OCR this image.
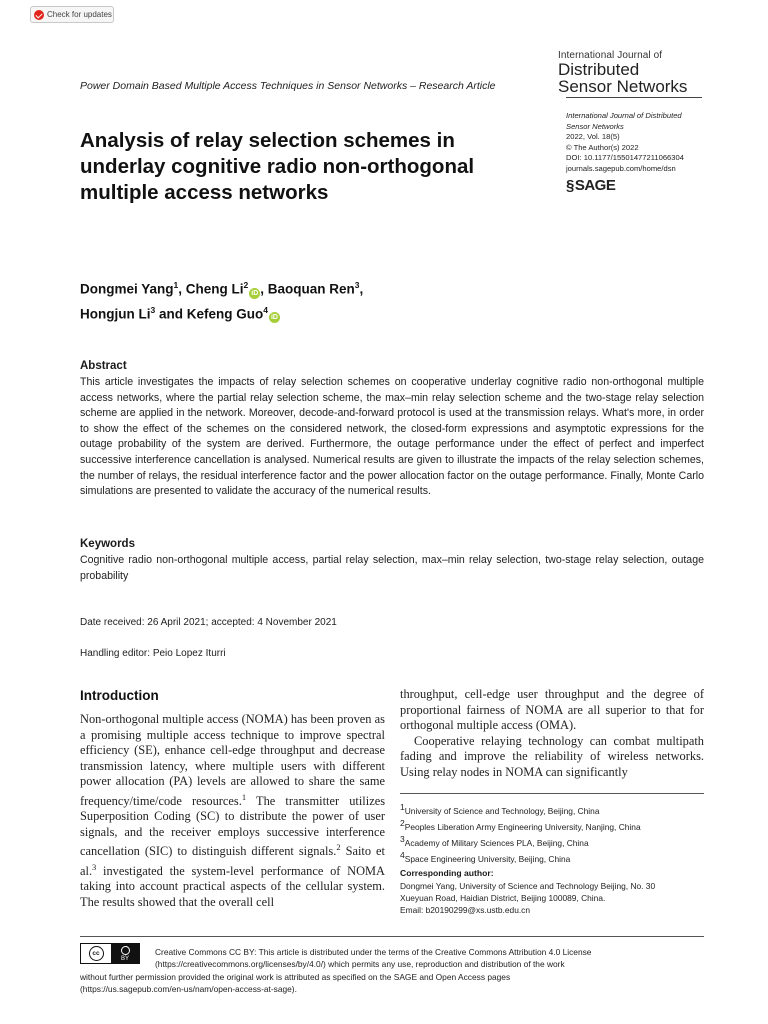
Check for updates
International Journal of
Distributed
Sensor Networks
Power Domain Based Multiple Access Techniques in Sensor Networks – Research Article
International Journal of Distributed Sensor Networks
2022, Vol. 18(5)
© The Author(s) 2022
DOI: 10.1177/15501477211066304
journals.sagepub.com/home/dsn
§ SAGE
Analysis of relay selection schemes in underlay cognitive radio non-orthogonal multiple access networks
Dongmei Yang$^1$, Cheng Li$^2$iD , Baoquan Ren$^3$,
Hongjun Li$^3$ and Kefeng Guo$^4$iD
Abstract
This article investigates the impacts of relay selection schemes on cooperative underlay cognitive radio non-orthogonal multiple access networks, where the partial relay selection scheme, the max–min relay selection scheme and the two-stage relay selection scheme are applied in the network. Moreover, decode-and-forward protocol is used at the transmission relays. What's more, in order to show the effect of the schemes on the considered network, the closed-form expressions and asymptotic expressions for the outage probability of the system are derived. Furthermore, the outage performance under the effect of perfect and imperfect successive interference cancellation is analysed. Numerical results are given to illustrate the impacts of the relay selection schemes, the number of relays, the residual interference factor and the power allocation factor on the outage performance. Finally, Monte Carlo simulations are presented to validate the accuracy of the numerical results.
Keywords
Cognitive radio non-orthogonal multiple access, partial relay selection, max–min relay selection, two-stage relay selection, outage probability
Date received: 26 April 2021; accepted: 4 November 2021
Handling editor: Peio Lopez Iturri
Introduction

Non-orthogonal multiple access (NOMA) has been proven as a promising multiple access technique to improve spectral efficiency (SE), enhance cell-edge throughput and decrease transmission latency, where multiple users with different power allocation (PA) levels are allowed to share the same frequency/time/code resources.$^1$ The transmitter utilizes Superposition Coding (SC) to distribute the power of user signals, and the receiver employs successive interference cancellation (SIC) to distinguish different signals.$^2$ Saito et al.$^3$ investigated the system-level performance of NOMA taking into account practical aspects of the cellular system. The results showed that the overall cell

throughput, cell-edge user throughput and the degree of proportional fairness of NOMA are all superior to that for orthogonal multiple access (OMA).

Cooperative relaying technology can combat multipath fading and improve the reliability of wireless networks. Using relay nodes in NOMA can significantly

$^1$University of Science and Technology, Beijing, China
$^2$Peoples Liberation Army Engineering University, Nanjing, China
$^3$Academy of Military Sciences PLA, Beijing, China
$^4$Space Engineering University, Beijing, China
Corresponding author:
Dongmei Yang, University of Science and Technology Beijing, No. 30
Xueyuan Road, Haidian District, Beijing 100089, China.
Email: b20190299@xs.ustb.edu.cn
cc
BY
Creative Commons CC BY: This article is distributed under the terms of the Creative Commons Attribution 4.0 License
(https://creativecommons.org/licenses/by/4.0/) which permits any use, reproduction and distribution of the work
without further permission provided the original work is attributed as specified on the SAGE and Open Access pages
(https://us.sagepub.com/en-us/nam/open-access-at-sage).
